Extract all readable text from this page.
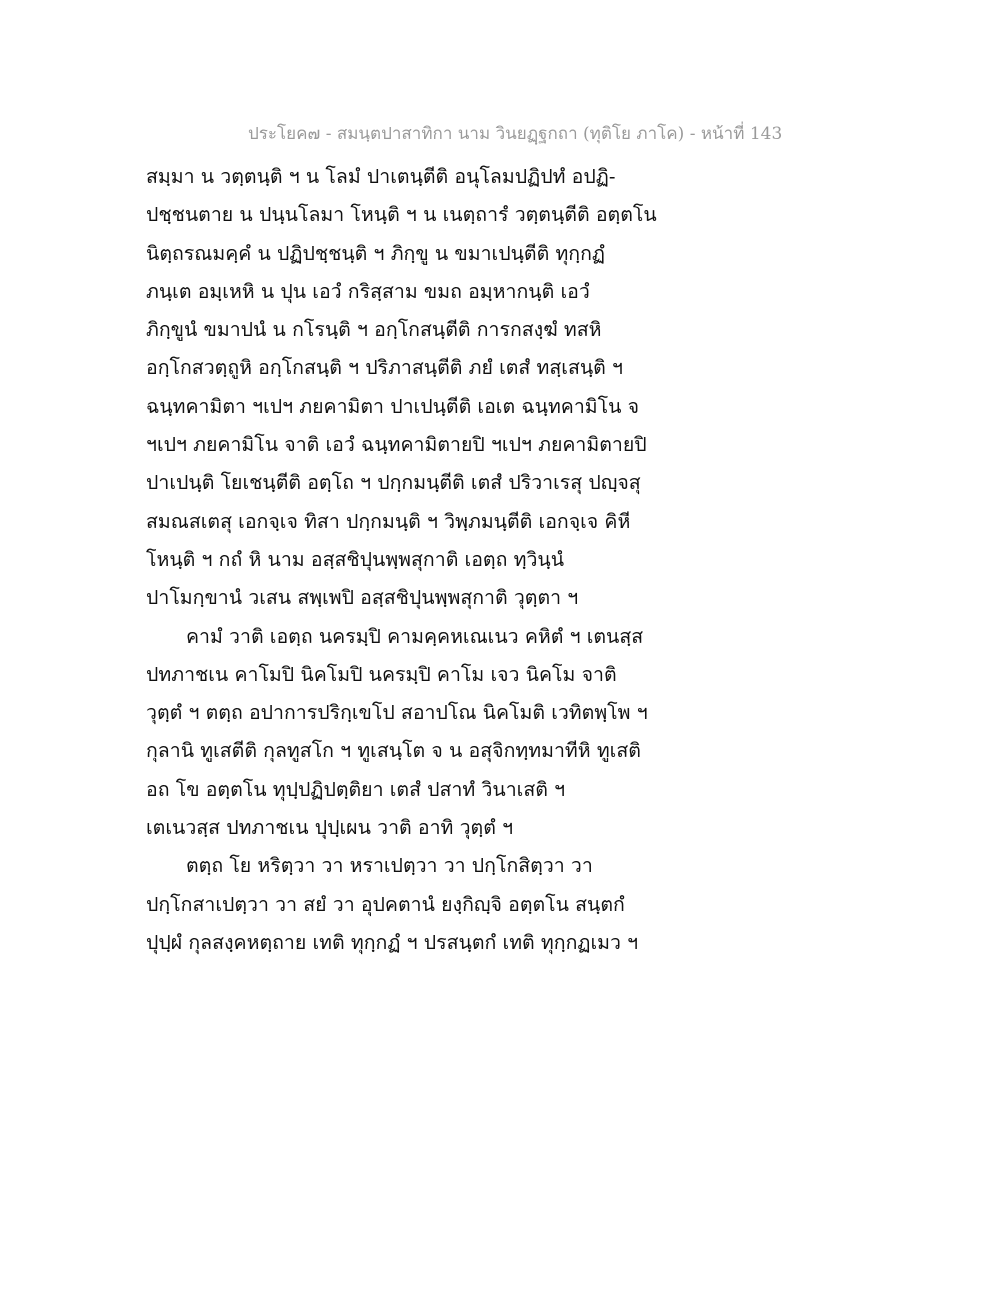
ประโยค๗ - สมนฺตปาสาทิกา นาม วินยฏฺฐกถา (ทุติโย ภาโค) - หน้าที่ 143
สมฺมา น วตฺตนฺติ ฯ น โลมํ ปาเตนฺตีติ อนุโลมปฏิปทํ อปฏิ-
ปชฺชนตาย น ปนฺนโลมา โหนฺติ ฯ น เนตฺถารํ วตฺตนฺตีติ อตฺตโน
นิตฺถรณมคฺคํ น ปฏิปชฺชนฺติ ฯ ภิกฺขู น ขมาเปนฺตีติ ทุกฺกฏํ
ภนฺเต อมฺเหหิ น ปุน เอวํ กริสฺสาม ขมถ อมฺหากนฺติ เอวํ
ภิกฺขูนํ ขมาปนํ น กโรนฺติ ฯ อกฺโกสนฺตีติ การกสงฺฆํ ทสหิ
อกฺโกสวตฺถูหิ อกฺโกสนฺติ ฯ ปริภาสนฺตีติ ภยํ เตสํ ทสฺเสนฺติ ฯ
ฉนฺทคามิตา ฯเปฯ ภยคามิตา ปาเปนฺตีติ เอเต ฉนฺทคามิโน จ
ฯเปฯ ภยคามิโน จาติ เอวํ ฉนฺทคามิตายปิ ฯเปฯ ภยคามิตายปิ
ปาเปนฺติ โยเชนฺตีติ อตฺโถ ฯ ปกฺกมนฺตีติ เตสํ ปริวาเรสุ ปญฺจสุ
สมณสเตสุ เอกจฺเจ ทิสา ปกฺกมนฺติ ฯ วิพฺภมนฺตีติ เอกจฺเจ คิหี
โหนฺติ ฯ กถํ หิ นาม อสฺสชิปุนพฺพสุกาติ เอตฺถ ทฺวินฺนํ
ปาโมกฺขานํ วเสน สพฺเพปิ อสฺสชิปุนพฺพสุกาติ วุตฺตา ฯ
คามํ วาติ เอตฺถ นครมฺปิ คามคฺคหเณเนว คหิตํ ฯ เตนสฺส
ปทภาชเน คาโมปิ นิคโมปิ นครมฺปิ คาโม เจว นิคโม จาติ
วุตฺตํ ฯ ตตฺถ อปาการปริกฺเขโป สอาปโณ นิคโมติ เวทิตพฺโพ ฯ
กุลานิ ทูเสตีติ กุลทูสโก ฯ ทูเสนฺโต จ น อสุจิกทฺทมาทีหิ ทูเสติ
อถ โข อตฺตโน ทุปฺปฏิปตฺติยา เตสํ ปสาทํ วินาเสติ ฯ
เตเนวสฺส ปทภาชเน ปุปฺเผน วาติ อาทิ วุตฺตํ ฯ
ตตฺถ โย หริตฺวา วา หราเปตฺวา วา ปกฺโกสิตฺวา วา
ปกฺโกสาเปตฺวา วา สยํ วา อุปคตานํ ยงฺกิญฺจิ อตฺตโน สนฺตกํ
ปุปฺผํ กุลสงฺคหตฺถาย เทติ ทุกฺกฏํ ฯ ปรสนฺตกํ เทติ ทุกฺกฏเมว ฯ
